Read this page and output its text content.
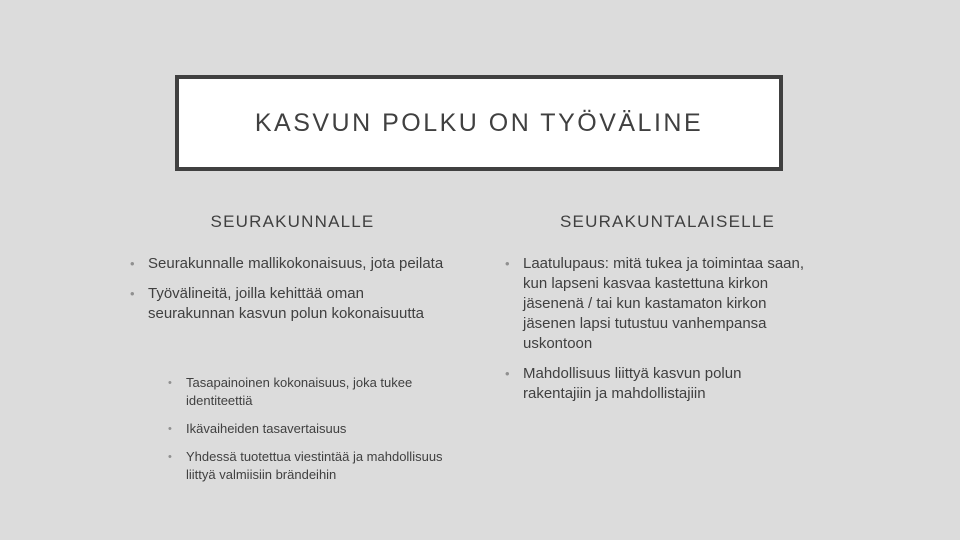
KASVUN POLKU ON TYÖVÄLINE
SEURAKUNNALLE	SEURAKUNTALAISELLE
• Seurakunnalle mallikokonaisuus, jota peilata
• Työvälineitä, joilla kehittää oman seurakunnan kasvun polun kokonaisuutta
• Tasapainoinen kokonaisuus, joka tukee identiteettiä
• Ikävaiheiden tasavertaisuus
• Yhdessä tuotettua viestintää ja mahdollisuus liittyä valmiisiin brändeihin
• Laatulupaus: mitä tukea ja toimintaa saan, kun lapseni kasvaa kastettuna kirkon jäsenenä / tai kun kastamaton kirkon jäsenen lapsi tutustuu vanhempansa uskontoon
• Mahdollisuus liittyä kasvun polun rakentajiin ja mahdollistajiin
